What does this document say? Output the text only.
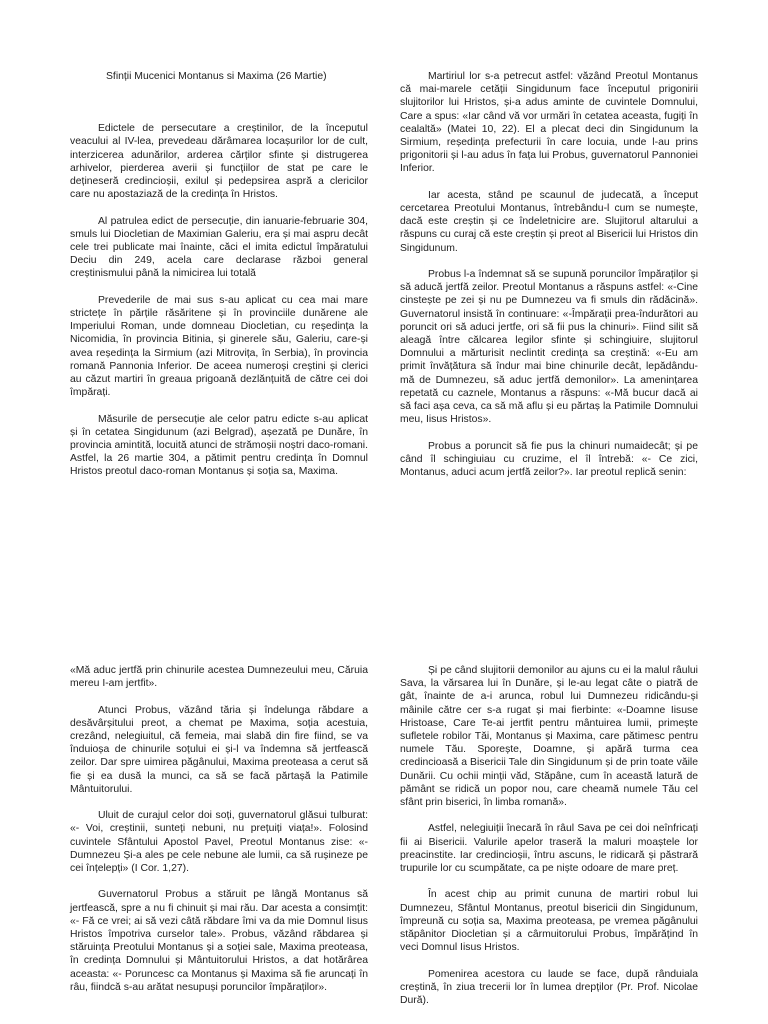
Sfinții Mucenici Montanus si Maxima (26 Martie)

Edictele de persecutare a creștinilor, de la începutul veacului al IV-lea, prevedeau dărâmarea locașurilor lor de cult, interzicerea adunărilor, arderea cărților sfinte și distrugerea arhivelor, pierderea averii și funcțiilor de stat pe care le dețineseră credincioșii, exilul și pedepsirea aspră a clericilor care nu apostaziază de la credința în Hristos.

Al patrulea edict de persecuție, din ianuarie-februarie 304, smuls lui Diocletian de Maximian Galeriu, era și mai aspru decât cele trei publicate mai înainte, căci el imita edictul împăratului Deciu din 249, acela care declarase război general creștinismului până la nimicirea lui totală

Prevederile de mai sus s-au aplicat cu cea mai mare strictețe în părțile răsăritene și în provinciile dunărene ale Imperiului Roman, unde domneau Diocletian, cu reședința la Nicomidia, în provincia Bitinia, și ginerele său, Galeriu, care-și avea reședința la Sirmium (azi Mitrovița, în Serbia), în provincia romană Pannonia Inferior. De aceea numeroși creștini și clerici au căzut martiri în greaua prigoană dezlănțuită de către cei doi împărați.

Măsurile de persecuție ale celor patru edicte s-au aplicat și în cetatea Singidunum (azi Belgrad), așezată pe Dunăre, în provincia amintită, locuită atunci de strămoșii noștri daco-romani. Astfel, la 26 martie 304, a pătimit pentru credința în Domnul Hristos preotul daco-roman Montanus și soția sa, Maxima.

Martiriul lor s-a petrecut astfel: văzând Preotul Montanus că mai-marele cetății Singidunum face începutul prigonirii slujitorilor lui Hristos, și-a adus aminte de cuvintele Domnului, Care a spus: «Iar când vă vor urmări în cetatea aceasta, fugiți în cealaltă» (Matei 10, 22). El a plecat deci din Singidunum la Sirmium, reședința prefecturii în care locuia, unde l-au prins prigonitorii și l-au adus în fața lui Probus, guvernatorul Pannoniei Inferior.

Iar acesta, stând pe scaunul de judecată, a început cercetarea Preotului Montanus, întrebându-l cum se numește, dacă este creștin și ce îndeletnicire are. Slujitorul altarului a răspuns cu curaj că este creștin și preot al Bisericii lui Hristos din Singidunum.

Probus l-a îndemnat să se supună poruncilor împăraților și să aducă jertfă zeilor. Preotul Montanus a răspuns astfel: «-Cine cinstește pe zei și nu pe Dumnezeu va fi smuls din rădăcină». Guvernatorul insistă în continuare: «-Împărații prea-îndurători au poruncit ori să aduci jertfe, ori să fii pus la chinuri». Fiind silit să aleagă între călcarea legilor sfinte și schingiuire, slujitorul Domnului a mărturisit neclintit credința sa creștină: «-Eu am primit învățătura să îndur mai bine chinurile decât, lepădându-mă de Dumnezeu, să aduc jertfă demonilor». La amenințarea repetată cu caznele, Montanus a răspuns: «-Mă bucur dacă ai să faci așa ceva, ca să mă aflu și eu părtaș la Patimile Domnului meu, Iisus Hristos».

Probus a poruncit să fie pus la chinuri numaidecât; și pe când îl schingiuiau cu cruzime, el îl întrebă: «- Ce zici, Montanus, aduci acum jertfă zeilor?». Iar preotul replică senin:

«Mă aduc jertfă prin chinurile acestea Dumnezeului meu, Căruia mereu I-am jertfit».

Atunci Probus, văzând tăria și îndelunga răbdare a desăvârșitului preot, a chemat pe Maxima, soția acestuia, crezând, nelegiuitul, că femeia, mai slabă din fire fiind, se va înduioșa de chinurile soțului ei și-l va îndemna să jertfească zeilor. Dar spre uimirea păgânului, Maxima preoteasa a cerut să fie și ea dusă la munci, ca să se facă părtașă la Patimile Mântuitorului.

Uluit de curajul celor doi soți, guvernatorul glăsui tulburat: «- Voi, creștinii, sunteți nebuni, nu prețuiți viața!». Folosind cuvintele Sfântului Apostol Pavel, Preotul Montanus zise: «-Dumnezeu Și-a ales pe cele nebune ale lumii, ca să rușineze pe cei înțelepți» (I Cor. 1,27).

Guvernatorul Probus a stăruit pe lângă Montanus să jertfească, spre a nu fi chinuit și mai rău. Dar acesta a consimțit: «- Fă ce vrei; ai să vezi câtă răbdare îmi va da mie Domnul Iisus Hristos împotriva curselor tale». Probus, văzând răbdarea și stăruința Preotului Montanus și a soției sale, Maxima preoteasa, în credința Domnului și Mântuitorului Hristos, a dat hotărârea aceasta: «- Poruncesc ca Montanus și Maxima să fie aruncați în râu, fiindcă s-au arătat nesupuși poruncilor împăraților».

Și pe când slujitorii demonilor au ajuns cu ei la malul râului Sava, la vărsarea lui în Dunăre, și le-au legat câte o piatră de gât, înainte de a-i arunca, robul lui Dumnezeu ridicându-și mâinile către cer s-a rugat și mai fierbinte: «-Doamne Iisuse Hristoase, Care Te-ai jertfit pentru mântuirea lumii, primește sufletele robilor Tăi, Montanus și Maxima, care pătimesc pentru numele Tău. Sporește, Doamne, și apără turma cea credincioasă a Bisericii Tale din Singidunum și de prin toate văile Dunării. Cu ochii minții văd, Stăpâne, cum în această latură de pământ se ridică un popor nou, care cheamă numele Tău cel sfânt prin biserici, în limba romană».

Astfel, nelegiuiții înecară în râul Sava pe cei doi neînfricați fii ai Bisericii. Valurile apelor traseră la maluri moaștele lor preacinstite. Iar credincioșii, întru ascuns, le ridicară și păstrară trupurile lor cu scumpătate, ca pe niște odoare de mare preț.

În acest chip au primit cununa de martiri robul lui Dumnezeu, Sfântul Montanus, preotul bisericii din Singidunum, împreună cu soția sa, Maxima preoteasa, pe vremea păgânului stăpânitor Diocletian și a cârmuitorului Probus, împărățind în veci Domnul Iisus Hristos.

Pomenirea acestora cu laude se face, după rânduiala creștină, în ziua trecerii lor în lumea drepților (Pr. Prof. Nicolae Dură).
